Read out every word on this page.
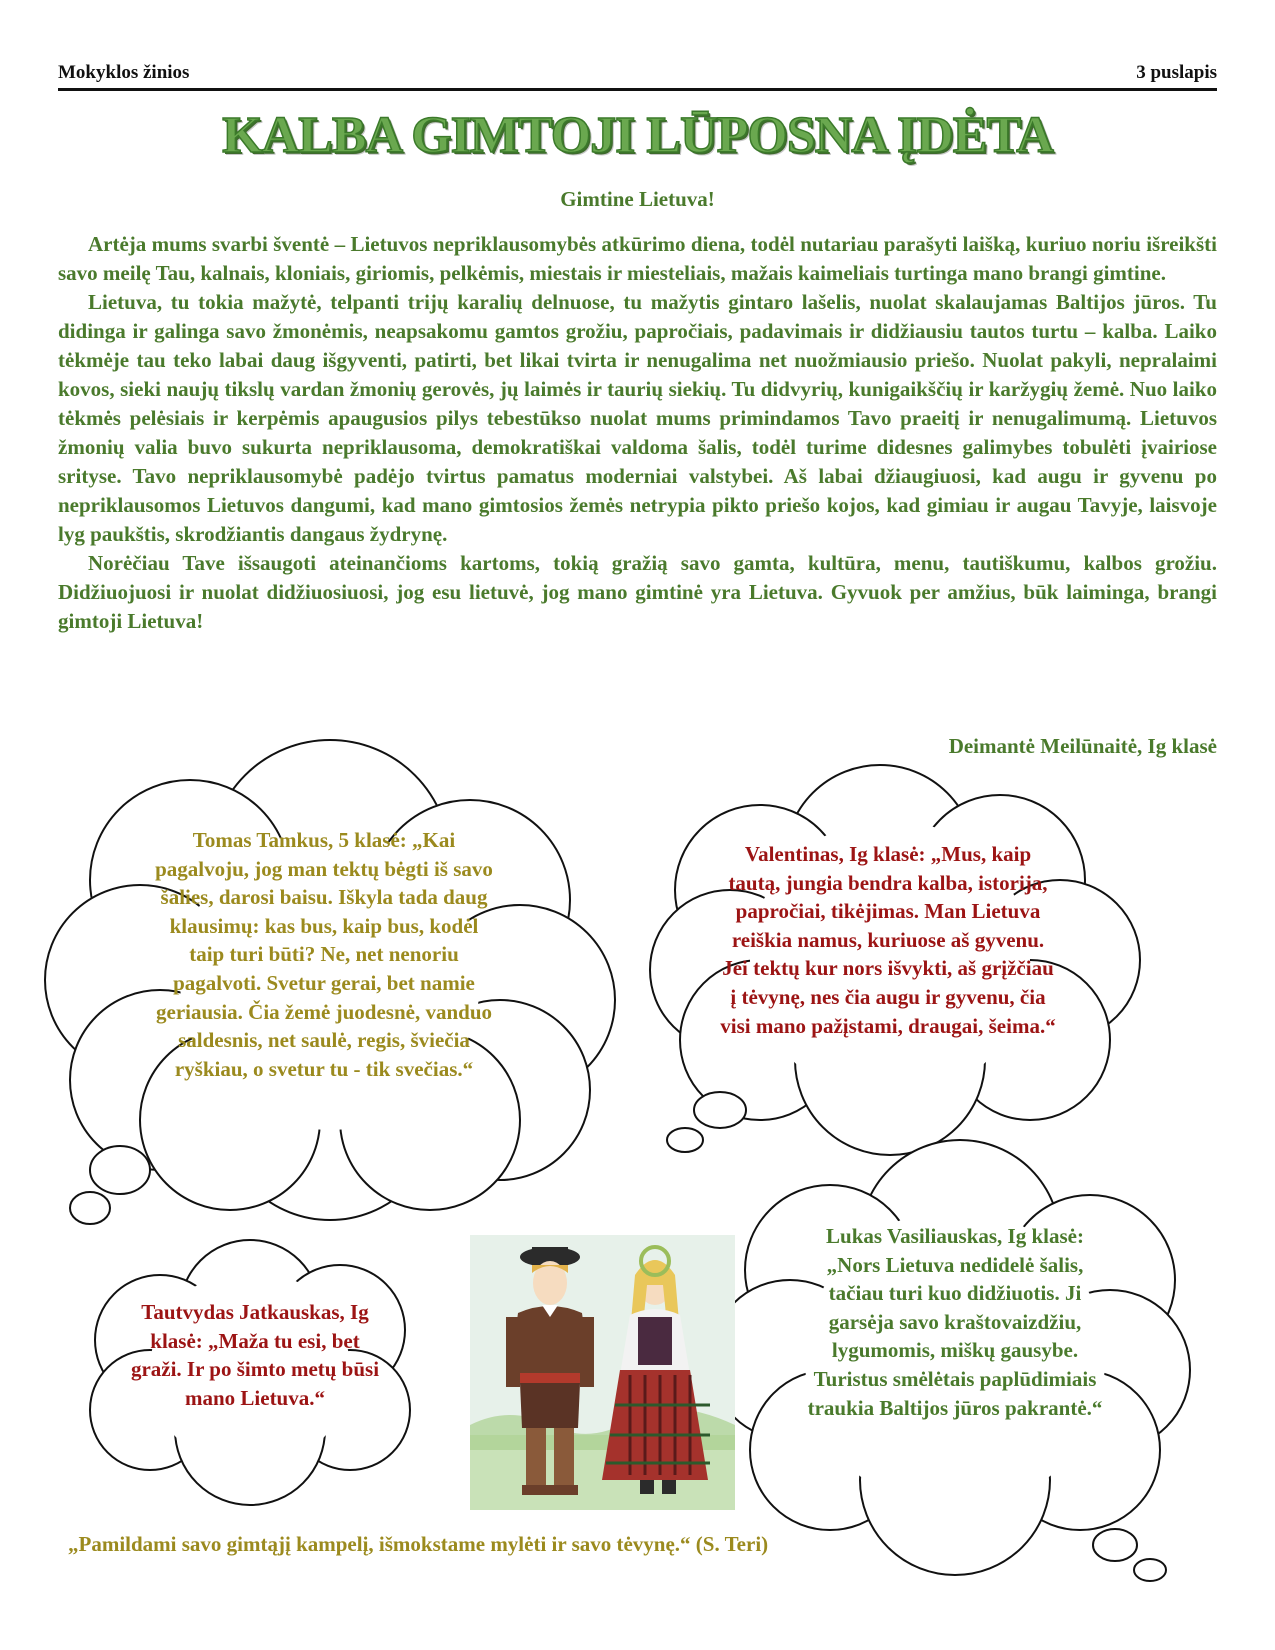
Mokyklos žinios	3 puslapis
KALBA GIMTOJI LŪPOSNA ĮDĖTA
Gimtine Lietuva!

Artėja mums svarbi šventė – Lietuvos nepriklausomybės atkūrimo diena, todėl nutariau parašyti laišką, kuriuo noriu išreikšti savo meilę Tau, kalnais, kloniais, giriomis, pelkėmis, miestais ir miesteliais, mažais kaimeliais turtinga mano brangi gimtine.

Lietuva, tu tokia mažytė, telpanti trijų karalių delnuose, tu mažytis gintaro lašelis, nuolat skalaujamas Baltijos jūros. Tu didinga ir galinga savo žmonėmis, neapsakomu gamtos grožiu, papročiais, padavimais ir didžiausiu tautos turtu – kalba. Laiko tėkmėje tau teko labai daug išgyventi, patirti, bet likai tvirta ir nenugalima net nuožmiausio priešo. Nuolat pakyli, nepralaimi kovos, sieki naujų tikslų vardan žmonių gerovės, jų laimės ir taurių siekių. Tu didvyrių, kunigaikščių ir karžygių žemė. Nuo laiko tėkmės pelėsiais ir kerpėmis apaugusios pilys tebestūkso nuolat mums primindamos Tavo praeitį ir nenugalimumą. Lietuvos žmonių valia buvo sukurta nepriklausoma, demokratiškai valdoma šalis, todėl turime didesnes galimybes tobulėti įvairiose srityse. Tavo nepriklausomybė padėjo tvirtus pamatus moderniai valstybei. Aš labai džiaugiuosi, kad augu ir gyvenu po nepriklausomos Lietuvos dangumi, kad mano gimtosios žemės netrypia pikto priešo kojos, kad gimiau ir augau Tavyje, laisvoje lyg paukštis, skrodžiantis dangaus žydrynę.

Norėčiau Tave išsaugoti ateinančioms kartoms, tokią gražią savo gamta, kultūra, menu, tautiškumu, kalbos grožiu. Didžiuojuosi ir nuolat didžiuosiuosi, jog esu lietuvė, jog mano gimtinė yra Lietuva. Gyvuok per amžius, būk laiminga, brangi gimtoji Lietuva!

Deimantė Meilūnaitė, Ig klasė
Tomas Tamkus, 5 klasė: „Kai pagalvoju, jog man tektų bėgti iš savo šalies, darosi baisu. Iškyla tada daug klausimų: kas bus, kaip bus, kodėl taip turi būti? Ne, net nenoriu pagalvoti. Svetur gerai, bet namie geriausia. Čia žemė juodesnė, vanduo saldesnis, net saulė, regis, šviečia ryškiau, o svetur tu - tik svečias.“
Valentinas, Ig klasė: „Mus, kaip tautą, jungia bendra kalba, istorija, papročiai, tikėjimas. Man Lietuva reiškia namus, kuriuose aš gyvenu. Jei tektų kur nors išvykti, aš grįžčiau į tėvynę, nes čia augu ir gyvenu, čia visi mano pažįstami, draugai, šeima.“
Tautvydas Jatkauskas, Ig klasė: „Maža tu esi, bet graži. Ir po šimto metų būsi mano Lietuva.“
Lukas Vasiliauskas, Ig klasė: „Nors Lietuva nedidelė šalis, tačiau turi kuo didžiuotis. Ji garsėja savo kraštovaizdžiu, lygumomis, miškų gausybe. Turistus smėlėtais paplūdimiais traukia Baltijos jūros pakrantė.“
„Pamildami savo gimtąjį kampelį, išmokstame mylėti ir savo tėvynę.“ (S. Teri)
